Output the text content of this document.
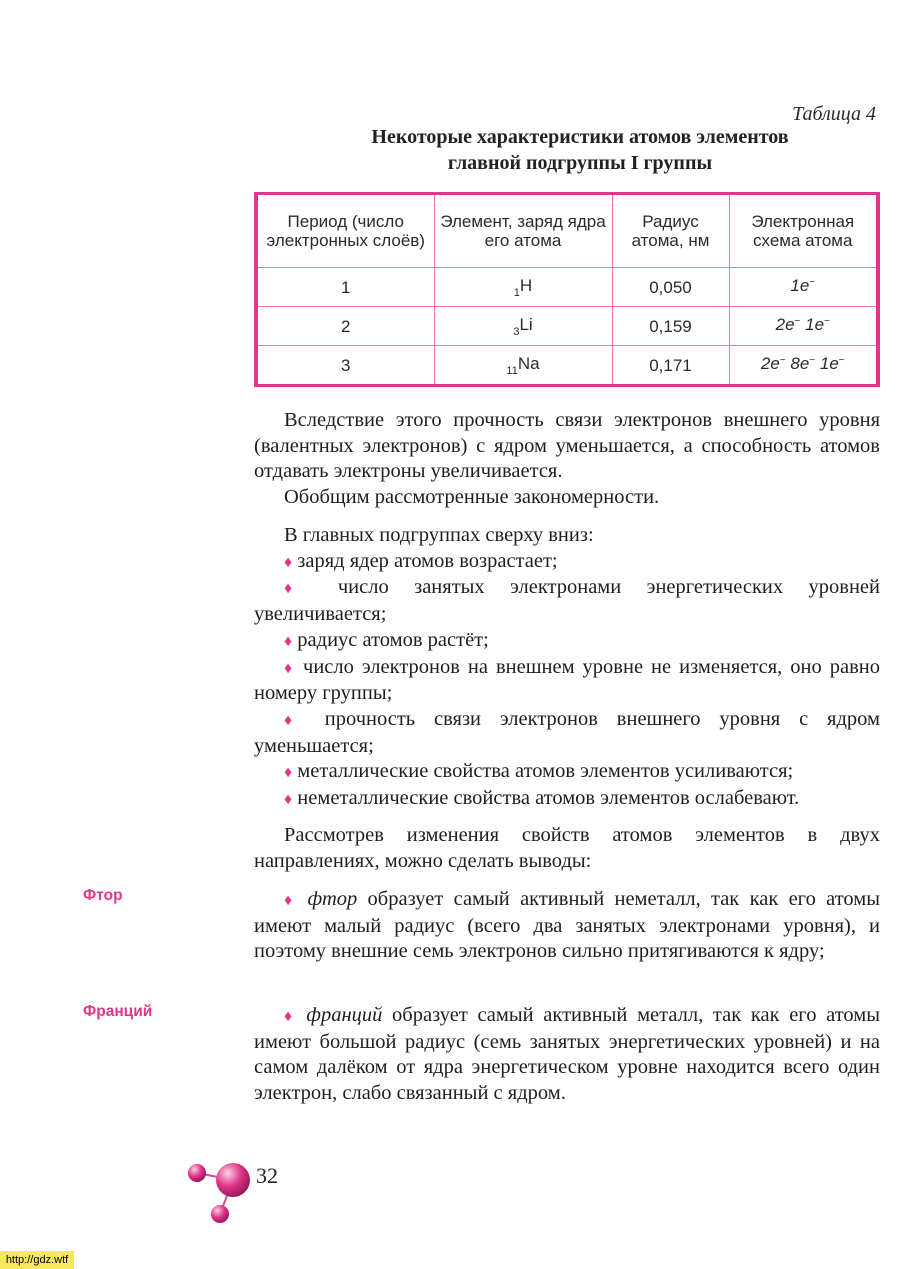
Таблица 4
Некоторые характеристики атомов элементов
главной подгруппы I группы
Период (число электронных слоёв)	Элемент, заряд ядра его атома	Радиус атома, нм	Электронная схема атома
1	$_1$H	0,050	1e−
2	$_3$Li	0,159	2e− 1e−
3	$_{11}$Na	0,171	2e− 8e− 1e−
Вследствие этого прочность связи электронов внешнего уровня (валентных электронов) с ядром уменьшается, а способность атомов отдавать электроны увеличивается.
Обобщим рассмотренные закономерности.
В главных подгруппах сверху вниз:
♦ заряд ядер атомов возрастает;
♦ число занятых электронами энергетических уровней увеличивается;
♦ радиус атомов растёт;
♦ число электронов на внешнем уровне не изменяется, оно равно номеру группы;
♦ прочность связи электронов внешнего уровня с ядром уменьшается;
♦ металлические свойства атомов элементов усиливаются;
♦ неметаллические свойства атомов элементов ослабевают.
Рассмотрев изменения свойств атомов элементов в двух направлениях, можно сделать выводы:
Фтор	♦ фтор образует самый активный неметалл, так как его атомы имеют малый радиус (всего два занятых электронами уровня), и поэтому внешние семь электронов сильно притягиваются к ядру;
Франций	♦ франций образует самый активный металл, так как его атомы имеют большой радиус (семь занятых энергетических уровней) и на самом далёком от ядра энергетическом уровне находится всего один электрон, слабо связанный с ядром.
32
http://gdz.wtf
